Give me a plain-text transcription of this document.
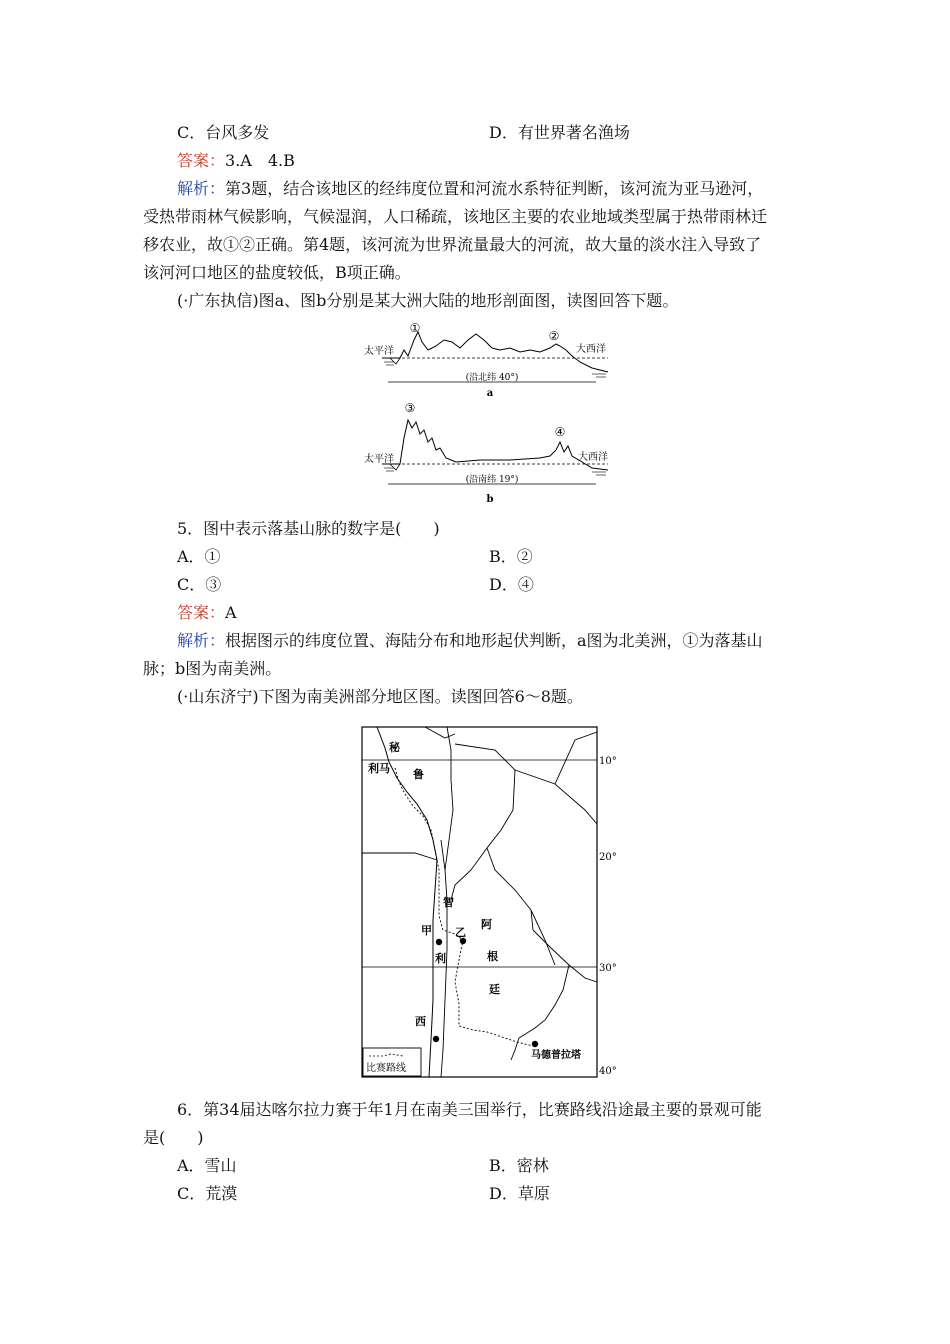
C．台风多发	D．有世界著名渔场
答案：3.A　4.B
解析：第3题，结合该地区的经纬度位置和河流水系特征判断，该河流为亚马逊河，
受热带雨林气候影响，气候湿润，人口稀疏，该地区主要的农业地域类型属于热带雨林迁
移农业，故①②正确。第4题，该河流为世界流量最大的河流，故大量的淡水注入导致了
该河河口地区的盐度较低，B项正确。
(·广东执信)图a、图b分别是某大洲大陆的地形剖面图，读图回答下题。
①
②
太平洋	大西洋
(沿北纬 40°)
a
③
④
太平洋	大西洋
(沿南纬 19°)
b
5．图中表示落基山脉的数字是(　　)
A．①	B．②
C．③	D．④
答案：A
解析：根据图示的纬度位置、海陆分布和地形起伏判断，a图为北美洲，①为落基山
脉；b图为南美洲。
(·山东济宁)下图为南美洲部分地区图。读图回答6～8题。
秘
利马 鲁
智
甲 乙
阿
利	根
廷
西
马德普拉塔
10°
20°
30°
40°
比赛路线
6．第34届达喀尔拉力赛于年1月在南美三国举行，比赛路线沿途最主要的景观可能
是(　　)
A．雪山	B．密林
C．荒漠	D．草原
